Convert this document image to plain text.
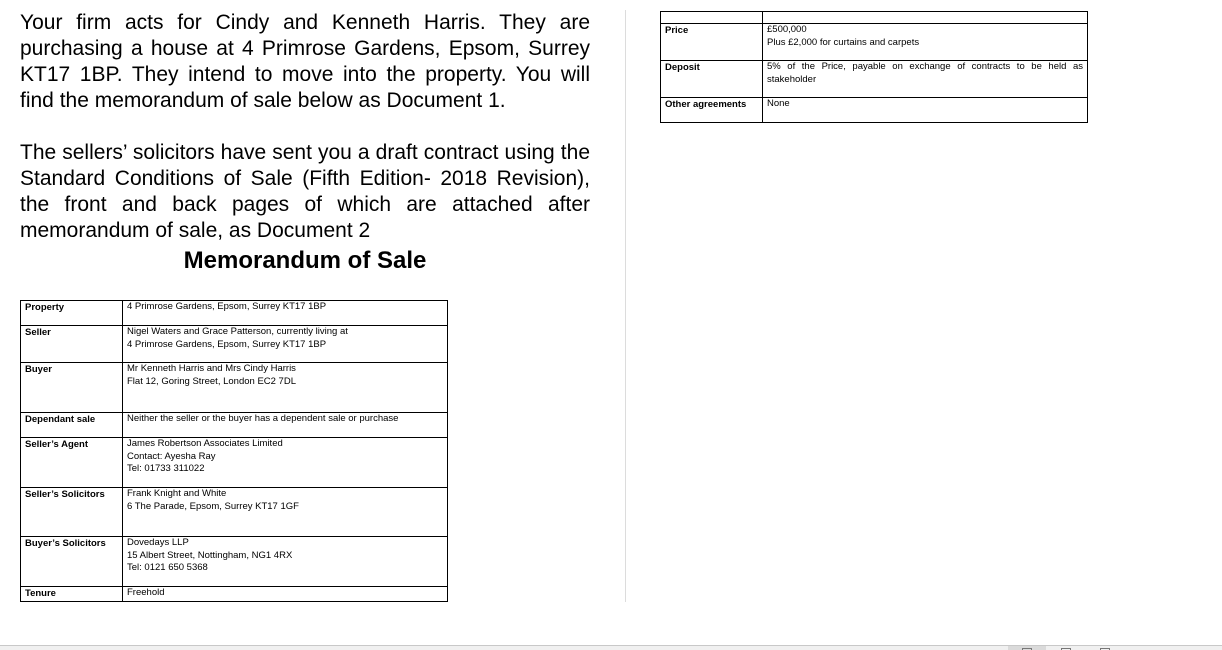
Your firm acts for Cindy and Kenneth Harris. They are purchasing a house at 4 Primrose Gardens, Epsom, Surrey KT17 1BP. They intend to move into the property. You will find the memorandum of sale below as Document 1.

The sellers’ solicitors have sent you a draft contract using the Standard Conditions of Sale (Fifth Edition- 2018 Revision), the front and back pages of which are attached after memorandum of sale, as Document 2

Memorandum of Sale
Property	4 Primrose Gardens, Epsom, Surrey KT17 1BP

Seller	Nigel Waters and Grace Patterson, currently living at
4 Primrose Gardens, Epsom, Surrey KT17 1BP

Buyer	Mr Kenneth Harris and Mrs Cindy Harris
Flat 12, Goring Street, London EC2 7DL

Dependant sale	Neither the seller or the buyer has a dependent sale or purchase

Seller’s Agent	James Robertson Associates Limited
Contact: Ayesha Ray
Tel: 01733 311022

Seller’s Solicitors	Frank Knight and White
6 The Parade, Epsom, Surrey KT17 1GF

Buyer’s Solicitors	Dovedays LLP
15 Albert Street, Nottingham, NG1 4RX
Tel: 0121 650 5368

Tenure	Freehold

Price	£500,000
Plus £2,000 for curtains and carpets

Deposit	5% of the Price, payable on exchange of contracts to be held as stakeholder
Other agreements	None
